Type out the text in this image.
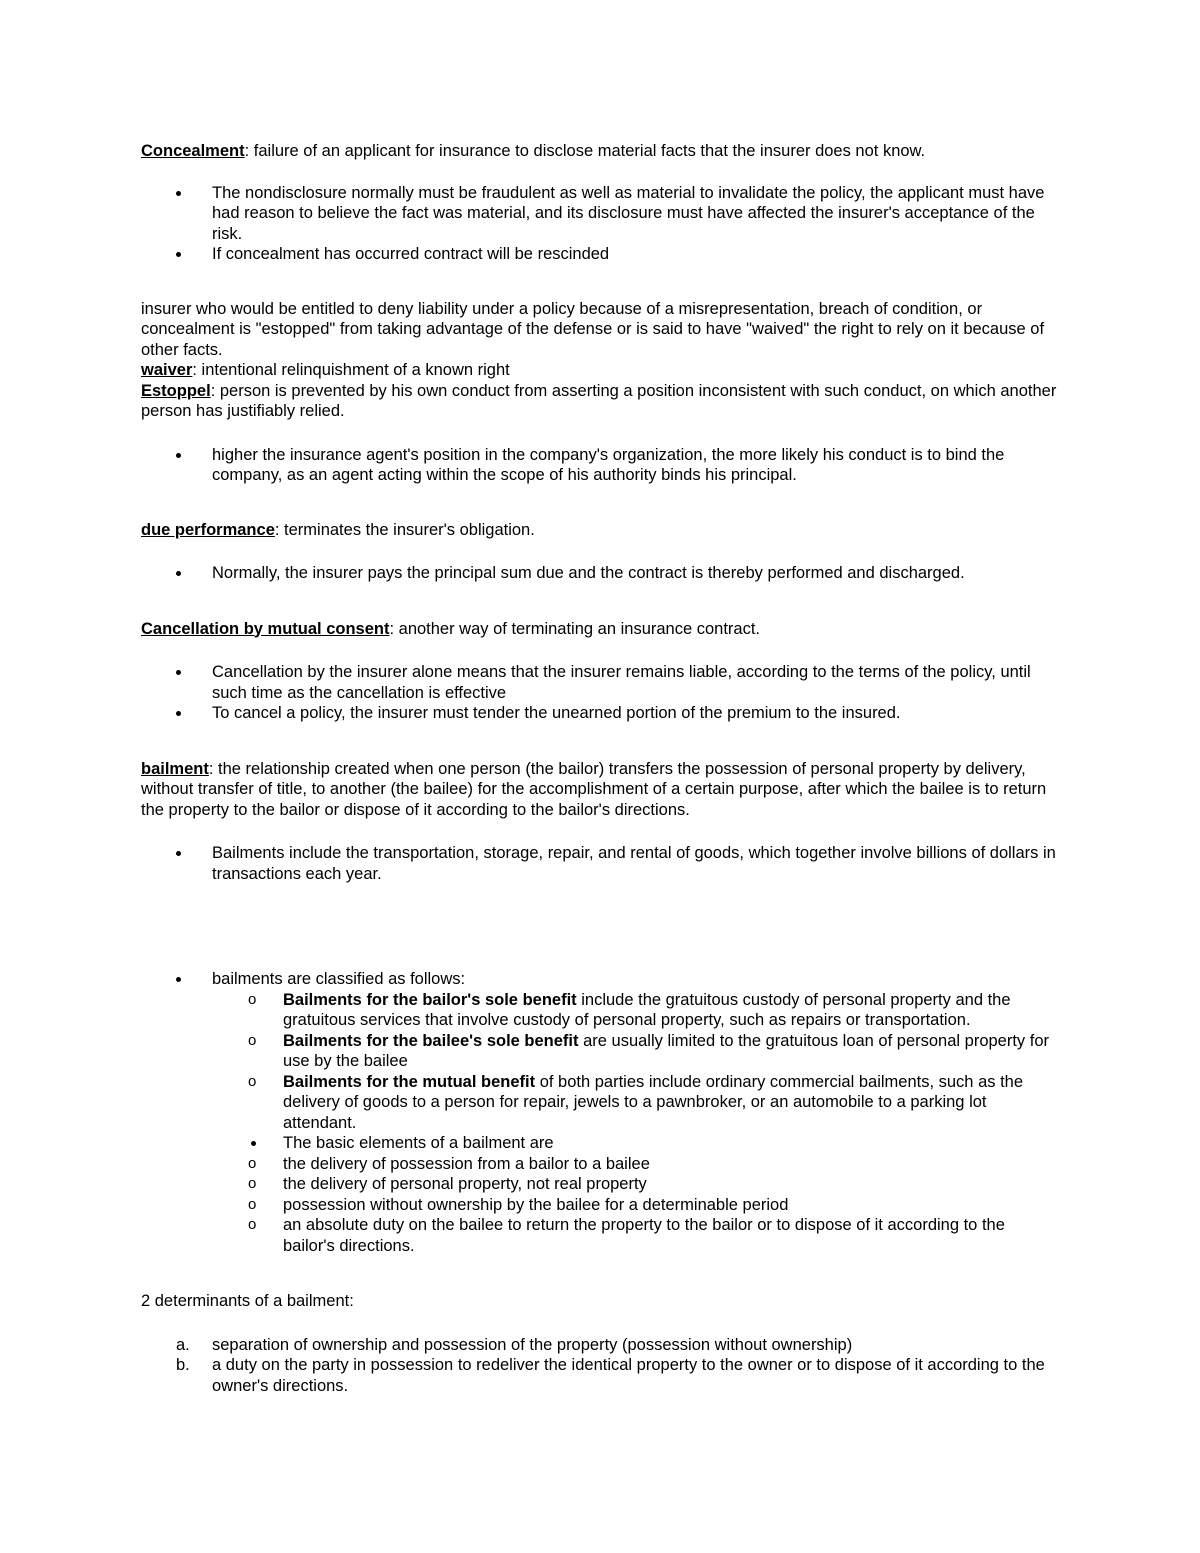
Concealment: failure of an applicant for insurance to disclose material facts that the insurer does not know.

The nondisclosure normally must be fraudulent as well as material to invalidate the policy, the applicant must have had reason to believe the fact was material, and its disclosure must have affected the insurer's acceptance of the risk.
If concealment has occurred contract will be rescinded

insurer who would be entitled to deny liability under a policy because of a misrepresentation, breach of condition, or concealment is "estopped" from taking advantage of the defense or is said to have "waived" the right to rely on it because of other facts.

waiver: intentional relinquishment of a known right

Estoppel: person is prevented by his own conduct from asserting a position inconsistent with such conduct, on which another person has justifiably relied.

higher the insurance agent's position in the company's organization, the more likely his conduct is to bind the company, as an agent acting within the scope of his authority binds his principal.

due performance: terminates the insurer's obligation.

Normally, the insurer pays the principal sum due and the contract is thereby performed and discharged.

Cancellation by mutual consent: another way of terminating an insurance contract.

Cancellation by the insurer alone means that the insurer remains liable, according to the terms of the policy, until such time as the cancellation is effective
To cancel a policy, the insurer must tender the unearned portion of the premium to the insured.

bailment: the relationship created when one person (the bailor) transfers the possession of personal property by delivery, without transfer of title, to another (the bailee) for the accomplishment of a certain purpose, after which the bailee is to return the property to the bailor or dispose of it according to the bailor's directions.

Bailments include the transportation, storage, repair, and rental of goods, which together involve billions of dollars in transactions each year.
bailments are classified as follows:
o Bailments for the bailor's sole benefit include the gratuitous custody of personal property and the gratuitous services that involve custody of personal property, such as repairs or transportation.
o Bailments for the bailee's sole benefit are usually limited to the gratuitous loan of personal property for use by the bailee
o Bailments for the mutual benefit of both parties include ordinary commercial bailments, such as the delivery of goods to a person for repair, jewels to a pawnbroker, or an automobile to a parking lot attendant.
The basic elements of a bailment are
o the delivery of possession from a bailor to a bailee
o the delivery of personal property, not real property
o possession without ownership by the bailee for a determinable period
o an absolute duty on the bailee to return the property to the bailor or to dispose of it according to the bailor's directions.

2 determinants of a bailment:

a. separation of ownership and possession of the property (possession without ownership)
b. a duty on the party in possession to redeliver the identical property to the owner or to dispose of it according to the owner's directions.
